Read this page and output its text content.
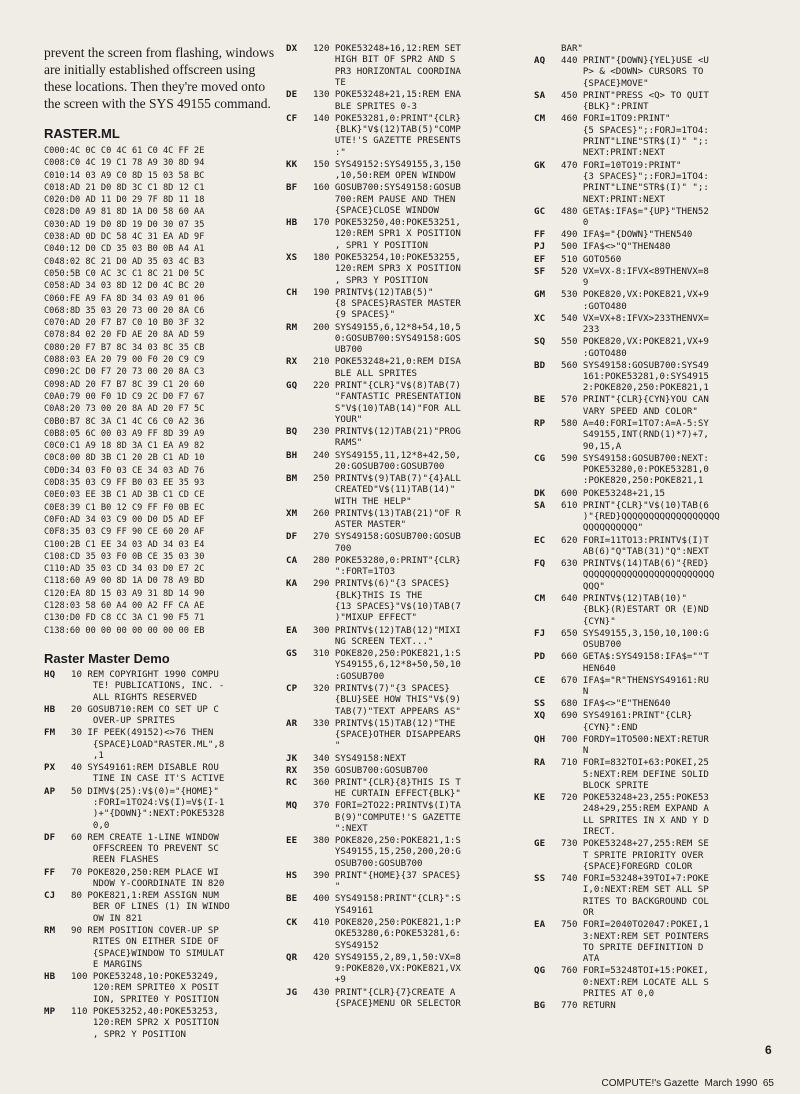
prevent the screen from flashing, windows are initially established offscreen using these locations. Then they're moved onto the screen with the SYS 49155 command.

RASTER.ML
C000:4C 0C C0 4C 61 C0 4C FF 2E
C008:C0 4C 19 C1 78 A9 30 8D 94
C010:14 03 A9 C0 8D 15 03 58 BC
C018:AD 21 D0 8D 3C C1 8D 12 C1
C020:D0 AD 11 D0 29 7F 8D 11 18
C028:D0 A9 81 8D 1A D0 58 60 AA
C030:AD 19 D0 8D 19 D0 30 07 35
C038:AD 0D DC 58 4C 31 EA AD 9F
C040:12 D0 CD 35 03 B0 0B A4 A1
C048:02 8C 21 D0 AD 35 03 4C B3
C050:5B C0 AC 3C C1 8C 21 D0 5C
C058:AD 34 03 8D 12 D0 4C BC 20
C060:FE A9 FA 8D 34 03 A9 01 06
C068:8D 35 03 20 73 00 20 8A C6
C070:AD 20 F7 B7 C0 10 B0 3F 32
C078:84 02 20 FD AE 20 8A AD 59
C080:20 F7 B7 8C 34 03 8C 35 CB
C088:03 EA 20 79 00 F0 20 C9 C9
C090:2C D0 F7 20 73 00 20 8A C3
C098:AD 20 F7 B7 8C 39 C1 20 60
C0A0:79 00 F0 1D C9 2C D0 F7 67
C0A8:20 73 00 20 8A AD 20 F7 5C
C0B0:B7 8C 3A C1 4C C6 C0 A2 36
C0B8:05 6C 00 03 A9 FF 8D 39 A9
C0C0:C1 A9 18 8D 3A C1 EA A9 82
C0C8:00 8D 3B C1 20 2B C1 AD 10
C0D0:34 03 F0 03 CE 34 03 AD 76
C0D8:35 03 C9 FF B0 03 EE 35 93
C0E0:03 EE 3B C1 AD 3B C1 CD CE
C0E8:39 C1 B0 12 C9 FF F0 0B EC
C0F0:AD 34 03 C9 00 D0 D5 AD EF
C0F8:35 03 C9 FF 90 CE 60 20 AF
C100:2B C1 EE 34 03 AD 34 03 E4
C108:CD 35 03 F0 0B CE 35 03 30
C110:AD 35 03 CD 34 03 D0 E7 2C
C118:60 A9 00 8D 1A D0 78 A9 BD
C120:EA 8D 15 03 A9 31 8D 14 90
C128:03 58 60 A4 00 A2 FF CA AE
C130:D0 FD C8 CC 3A C1 90 F5 71
C138:60 00 00 00 00 00 00 00 EB
Raster Master Demo
HQ	10 REM COPYRIGHT 1990 COMPU
TE! PUBLICATIONS, INC. -
ALL RIGHTS RESERVED
HB	20 GOSUB710:REM CO SET UP C
OVER-UP SPRITES
FM	30 IF PEEK(49152)<>76 THEN
{SPACE}LOAD"RASTER.ML",8
,1
PX	40 SYS49161:REM DISABLE ROU
TINE IN CASE IT'S ACTIVE
AP	50 DIMV$(25):V$(0)="{HOME}"
:FORI=1TO24:V$(I)=V$(I-1
)+"{DOWN}":NEXT:POKE5328
0,0
DF	60 REM CREATE 1-LINE WINDOW
OFFSCREEN TO PREVENT SC
REEN FLASHES
FF	70 POKE820,250:REM PLACE WI
NDOW Y-COORDINATE IN 820
CJ	80 POKE821,1:REM ASSIGN NUM
BER OF LINES (1) IN WINDO
OW IN 821
RM	90 REM POSITION COVER-UP SP
RITES ON EITHER SIDE OF
{SPACE}WINDOW TO SIMULAT
E MARGINS
HB	100 POKE53248,10:POKE53249,
120:REM SPRITE0 X POSIT
ION, SPRITE0 Y POSITION
MP	110 POKE53252,40:POKE53253,
120:REM SPR2 X POSITION
, SPR2 Y POSITION
DX	120 POKE53248+16,12:REM SET
HIGH BIT OF SPR2 AND S
PR3 HORIZONTAL COORDINA
TE
DE	130 POKE53248+21,15:REM ENA
BLE SPRITES 0-3
CF	140 POKE53281,0:PRINT"{CLR}
{BLK}"V$(12)TAB(5)"COMP
UTE!'S GAZETTE PRESENTS
:"
KK	150 SYS49152:SYS49155,3,150
,10,50:REM OPEN WINDOW
BF	160 GOSUB700:SYS49158:GOSUB
700:REM PAUSE AND THEN
{SPACE}CLOSE WINDOW
HB	170 POKE53250,40:POKE53251,
120:REM SPR1 X POSITION
, SPR1 Y POSITION
XS	180 POKE53254,10:POKE53255,
120:REM SPR3 X POSITION
, SPR3 Y POSITION
CH	190 PRINTV$(12)TAB(5)"
{8 SPACES}RASTER MASTER
{9 SPACES}"
RM	200 SYS49155,6,12*8+54,10,5
0:GOSUB700:SYS49158:GOS
UB700
RX	210 POKE53248+21,0:REM DISA
BLE ALL SPRITES
GQ	220 PRINT"{CLR}"V$(8)TAB(7)
"FANTASTIC PRESENTATION
S"V$(10)TAB(14)"FOR ALL
YOUR"
BQ	230 PRINTV$(12)TAB(21)"PROG
RAMS"
BH	240 SYS49155,11,12*8+42,50,
20:GOSUB700:GOSUB700
BM	250 PRINTV$(9)TAB(7)"{4}ALL
CREATED"V$(11)TAB(14)"
WITH THE HELP"
XM	260 PRINTV$(13)TAB(21)"OF R
ASTER MASTER"
DF	270 SYS49158:GOSUB700:GOSUB
700
CA	280 POKE53280,0:PRINT"{CLR}
":FORT=1TO3
KA	290 PRINTV$(6)"{3 SPACES}
{BLK}THIS IS THE
{13 SPACES}"V$(10)TAB(7
)"MIXUP EFFECT"
EA	300 PRINTV$(12)TAB(12)"MIXI
NG SCREEN TEXT..."
GS	310 POKE820,250:POKE821,1:S
YS49155,6,12*8+50,50,10
:GOSUB700
CP	320 PRINTV$(7)"{3 SPACES}
{BLU}SEE HOW THIS"V$(9)
TAB(7)"TEXT APPEARS AS"
AR	330 PRINTV$(15)TAB(12)"THE
{SPACE}OTHER DISAPPEARS
"
JK	340 SYS49158:NEXT
RX	350 GOSUB700:GOSUB700
RC	360 PRINT"{CLR}{8}THIS IS T
HE CURTAIN EFFECT{BLK}"
MQ	370 FORI=2TO22:PRINTV$(I)TA
B(9)"COMPUTE!'S GAZETTE
":NEXT
EE	380 POKE820,250:POKE821,1:S
YS49155,15,250,200,20:G
OSUB700:GOSUB700
HS	390 PRINT"{HOME}{37 SPACES}
"
BE	400 SYS49158:PRINT"{CLR}":S
YS49161
CK	410 POKE820,250:POKE821,1:P
OKE53280,6:POKE53281,6:
SYS49152
QR	420 SYS49155,2,89,1,50:VX=8
9:POKE820,VX:POKE821,VX
+9
JG	430 PRINT"{CLR}{7}CREATE A
{SPACE}MENU OR SELECTOR
BAR"
AQ	440 PRINT"{DOWN}{YEL}USE <U
P> & <DOWN> CURSORS TO
{SPACE}MOVE"
SA	450 PRINT"PRESS <Q> TO QUIT
{BLK}":PRINT
CM	460 FORI=1TO9:PRINT"
{5 SPACES}";:FORJ=1TO4:
PRINT"LINE"STR$(I)" ";:
NEXT:PRINT:NEXT
GK	470 FORI=10TO19:PRINT"
{3 SPACES}";:FORJ=1TO4:
PRINT"LINE"STR$(I)" ";:
NEXT:PRINT:NEXT
GC	480 GETA$:IFA$="{UP}"THEN52
0
FF	490 IFA$="{DOWN}"THEN540
PJ	500 IFA$<>"Q"THEN480
EF	510 GOTO560
SF	520 VX=VX-8:IFVX<89THENVX=8
9
GM	530 POKE820,VX:POKE821,VX+9
:GOTO480
XC	540 VX=VX+8:IFVX>233THENVX=
233
SQ	550 POKE820,VX:POKE821,VX+9
:GOTO480
BD	560 SYS49158:GOSUB700:SYS49
161:POKE53281,0:SYS4915
2:POKE820,250:POKE821,1
BE	570 PRINT"{CLR}{CYN}YOU CAN
VARY SPEED AND COLOR"
RP	580 A=40:FORI=1TO7:A=A-5:SY
S49155,INT(RND(1)*7)+7,
90,15,A
CG	590 SYS49158:GOSUB700:NEXT:
POKE53280,0:POKE53281,0
:POKE820,250:POKE821,1
DK	600 POKE53248+21,15
SA	610 PRINT"{CLR}"V$(10)TAB(6
)"{RED}QQQQQQQQQQQQQQQQQQ
QQQQQQQQQQ"
EC	620 FORI=11TO13:PRINTV$(I)T
AB(6)"Q"TAB(31)"Q":NEXT
FQ	630 PRINTV$(14)TAB(6)"{RED}
QQQQQQQQQQQQQQQQQQQQQQQQ
QQQ"
CM	640 PRINTV$(12)TAB(10)"
{BLK}(R)ESTART OR (E)ND
{CYN}"
FJ	650 SYS49155,3,150,10,100:G
OSUB700
PD	660 GETA$:SYS49158:IFA$=""T
HEN640
CE	670 IFA$="R"THENSYS49161:RU
N
SS	680 IFA$<>"E"THEN640
XQ	690 SYS49161:PRINT"{CLR}
{CYN}":END
QH	700 FORDY=1TO500:NEXT:RETUR
N
RA	710 FORI=832TOI+63:POKEI,25
5:NEXT:REM DEFINE SOLID
BLOCK SPRITE
KE	720 POKE53248+23,255:POKE53
248+29,255:REM EXPAND A
LL SPRITES IN X AND Y D
IRECT.
GE	730 POKE53248+27,255:REM SE
T SPRITE PRIORITY OVER
{SPACE}FOREGRD COLOR
SS	740 FORI=53248+39TOI+7:POKE
I,0:NEXT:REM SET ALL SP
RITES TO BACKGROUND COL
OR
EA	750 FORI=2040TO2047:POKEI,1
3:NEXT:REM SET POINTERS
TO SPRITE DEFINITION D
ATA
QG	760 FORI=53248TOI+15:POKEI,
0:NEXT:REM LOCATE ALL S
PRITES AT 0,0
BG	770 RETURN
6
COMPUTE!'s Gazette  March 1990  65
